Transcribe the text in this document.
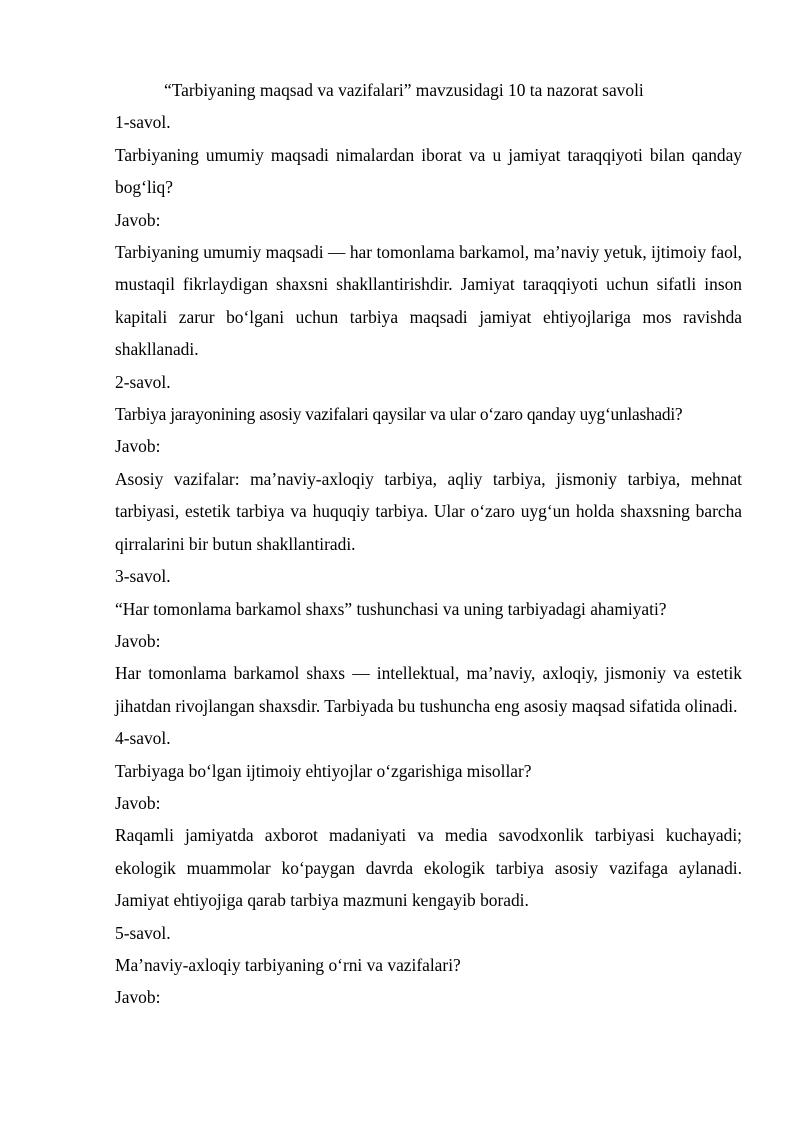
“Tarbiyaning maqsad va vazifalari” mavzusidagi 10 ta nazorat savoli

1-savol.

Tarbiyaning umumiy maqsadi nimalardan iborat va u jamiyat taraqqiyoti bilan qanday bog‘liq?

Javob:

Tarbiyaning umumiy maqsadi — har tomonlama barkamol, ma’naviy yetuk, ijtimoiy faol, mustaqil fikrlaydigan shaxsni shakllantirishdir. Jamiyat taraqqiyoti uchun sifatli inson kapitali zarur bo‘lgani uchun tarbiya maqsadi jamiyat ehtiyojlariga mos ravishda shakllanadi.

2-savol.

Tarbiya jarayonining asosiy vazifalari qaysilar va ular o‘zaro qanday uyg‘unlashadi?

Javob:

Asosiy vazifalar: ma’naviy-axloqiy tarbiya, aqliy tarbiya, jismoniy tarbiya, mehnat tarbiyasi, estetik tarbiya va huquqiy tarbiya. Ular o‘zaro uyg‘un holda shaxsning barcha qirralarini bir butun shakllantiradi.

3-savol.

“Har tomonlama barkamol shaxs” tushunchasi va uning tarbiyadagi ahamiyati?

Javob:

Har tomonlama barkamol shaxs — intellektual, ma’naviy, axloqiy, jismoniy va estetik jihatdan rivojlangan shaxsdir. Tarbiyada bu tushuncha eng asosiy maqsad sifatida olinadi.

4-savol.

Tarbiyaga bo‘lgan ijtimoiy ehtiyojlar o‘zgarishiga misollar?

Javob:

Raqamli jamiyatda axborot madaniyati va media savodxonlik tarbiyasi kuchayadi; ekologik muammolar ko‘paygan davrda ekologik tarbiya asosiy vazifaga aylanadi. Jamiyat ehtiyojiga qarab tarbiya mazmuni kengayib boradi.

5-savol.

Ma’naviy-axloqiy tarbiyaning o‘rni va vazifalari?

Javob:
